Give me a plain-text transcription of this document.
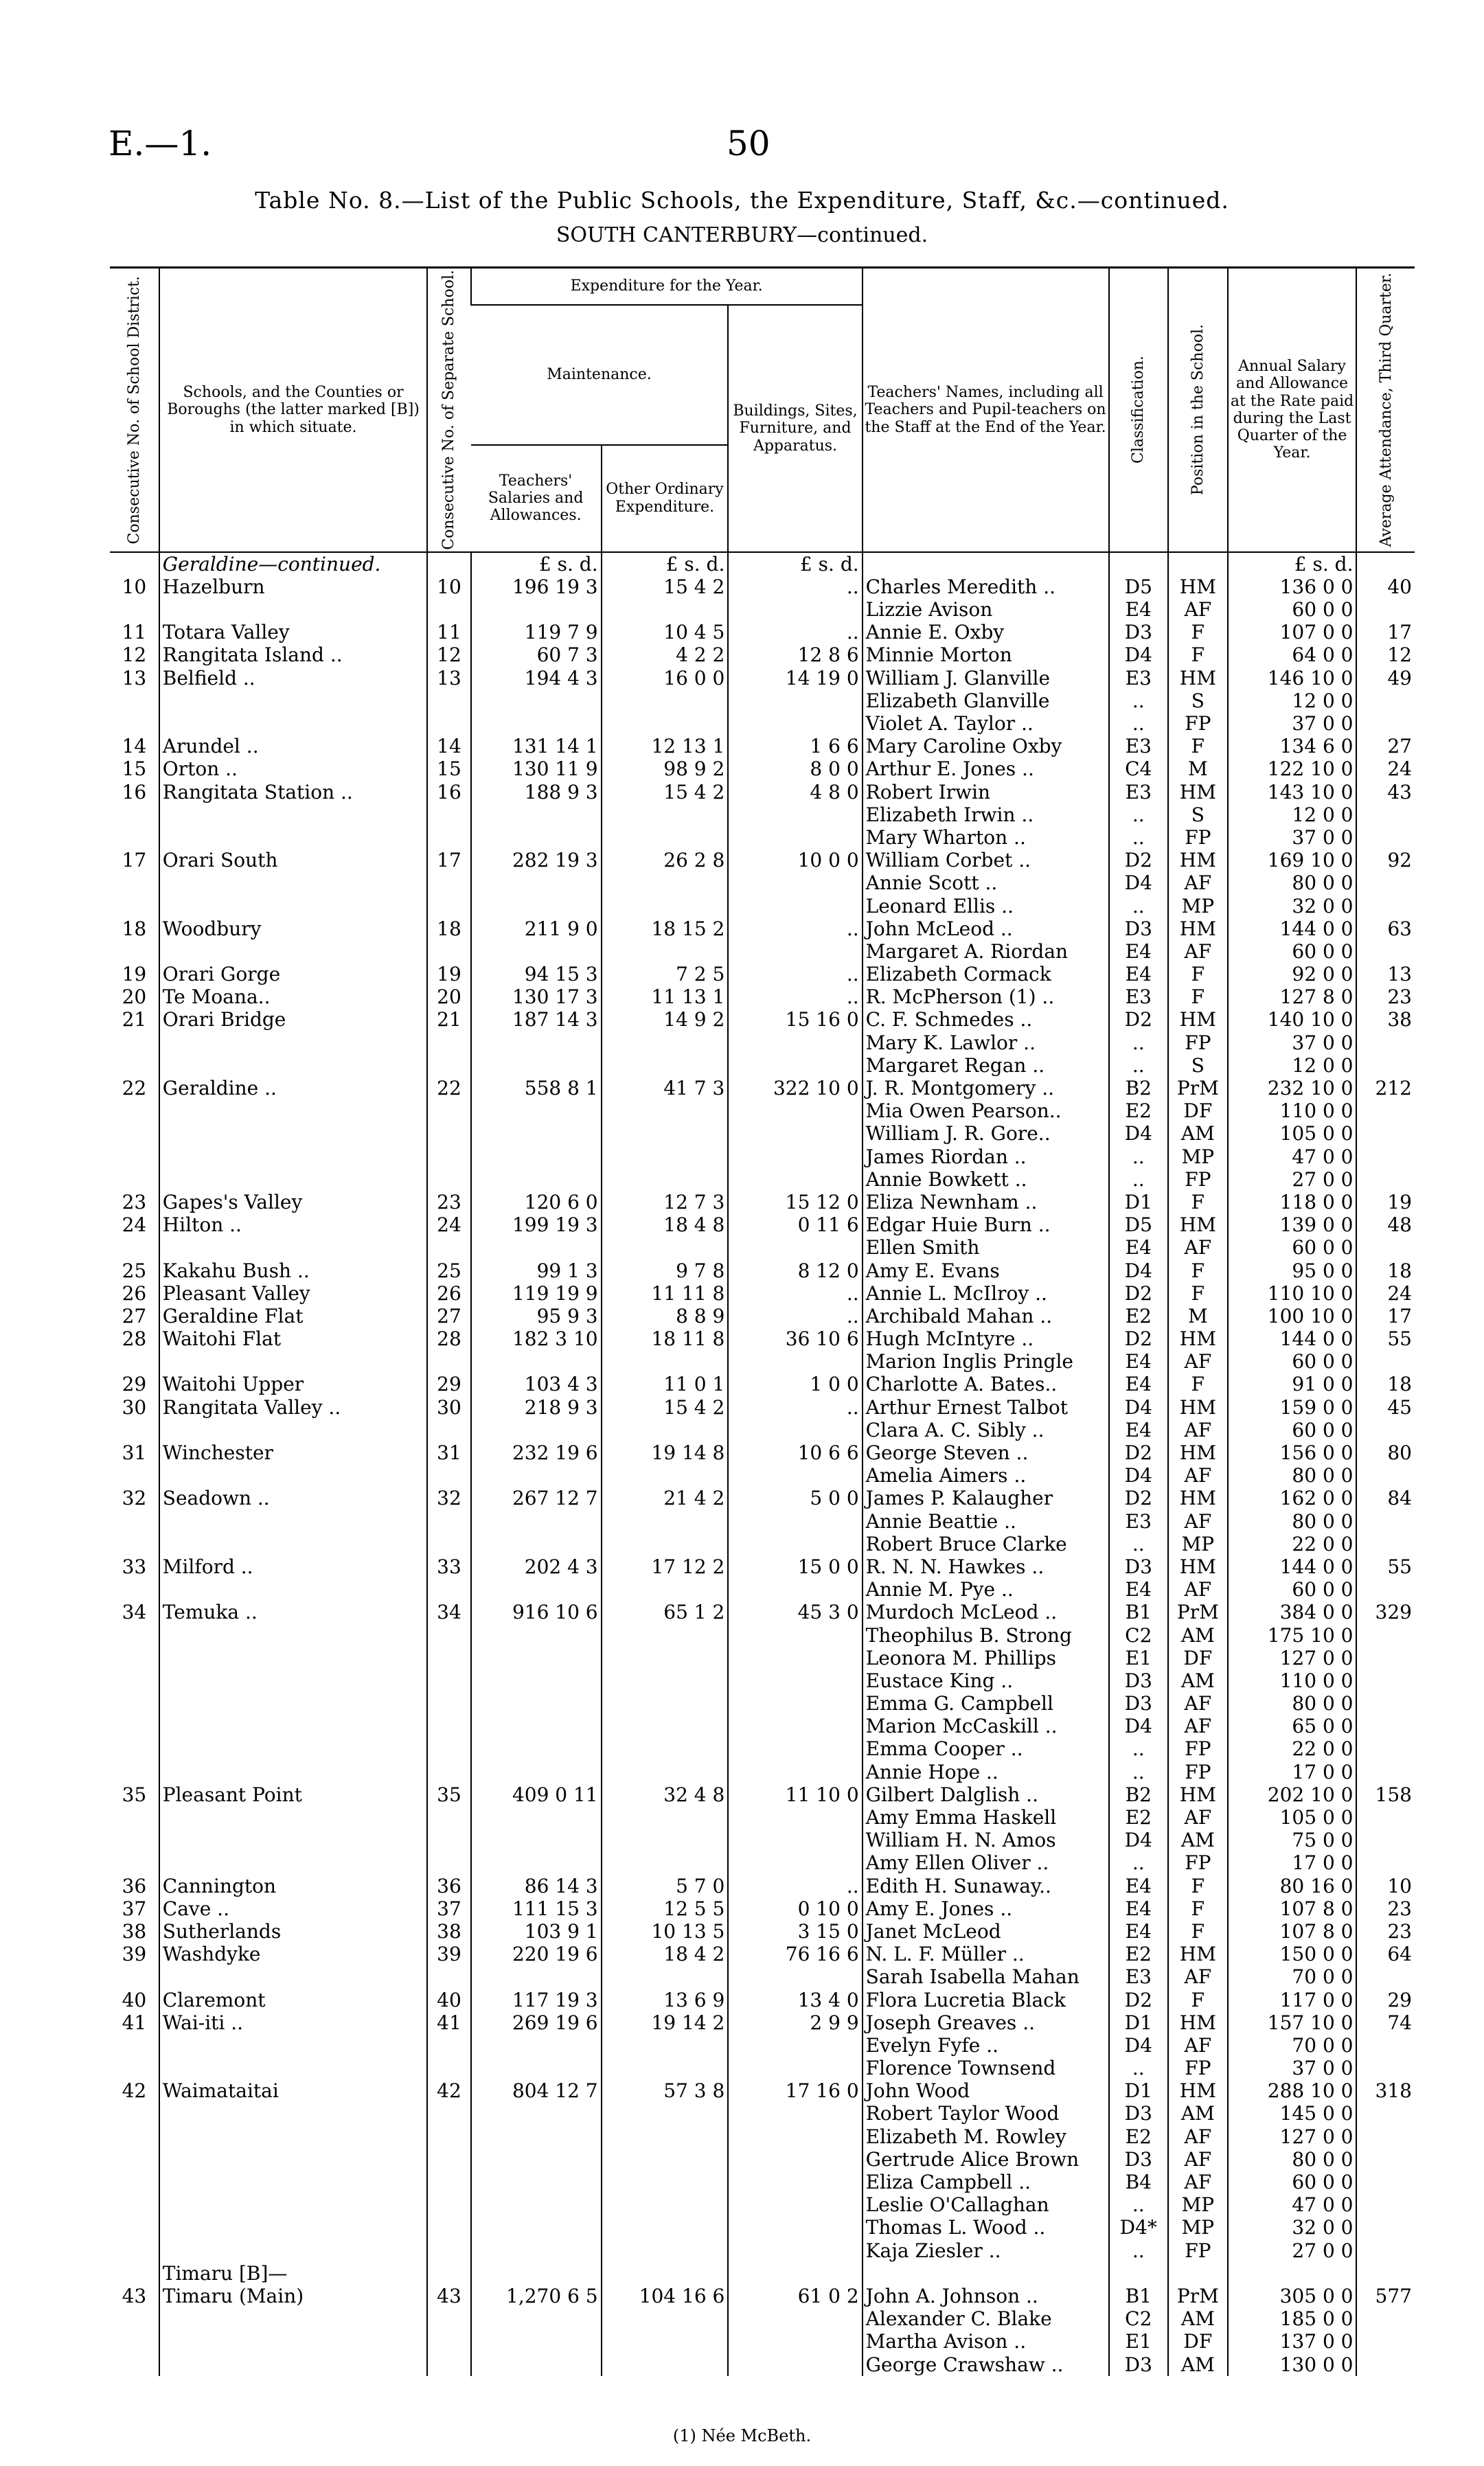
E.—1.	50
Table No. 8.—List of the Public Schools, the Expenditure, Staff, &c.—continued.
SOUTH CANTERBURY—continued.
Consecutive No. of School District.	Schools, and the Counties or Boroughs (the latter marked [B]) in which situate.	Consecutive No. of Separate School.	Expenditure for the Year.			Teachers' Names, including all Teachers and Pupil-teachers on the Staff at the End of the Year.	Classification.	Position in the School.	Annual Salary and Allowance at the Rate paid during the Last Quarter of the Year.	Average Attendance, Third Quarter.

			Maintenance.		Buildings, Sites, Furniture, and Apparatus.					
			Teachers' Salaries and Allowances.	Other Ordinary Expenditure.						
	Geraldine—continued.		£ s. d.	£ s. d.	£ s. d.				£ s. d.	
10	Hazelburn	10	196 19 3	15 4 2	..	Charles Meredith ..	D5	HM	136 0 0	40
						Lizzie Avison	E4	AF	60 0 0	
11	Totara Valley	11	119 7 9	10 4 5	..	Annie E. Oxby	D3	F	107 0 0	17
12	Rangitata Island ..	12	60 7 3	4 2 2	12 8 6	Minnie Morton	D4	F	64 0 0	12
13	Belfield ..	13	194 4 3	16 0 0	14 19 0	William J. Glanville	E3	HM	146 10 0	49
						Elizabeth Glanville	..	S	12 0 0	
						Violet A. Taylor ..	..	FP	37 0 0	
14	Arundel ..	14	131 14 1	12 13 1	1 6 6	Mary Caroline Oxby	E3	F	134 6 0	27
15	Orton ..	15	130 11 9	98 9 2	8 0 0	Arthur E. Jones ..	C4	M	122 10 0	24
16	Rangitata Station ..	16	188 9 3	15 4 2	4 8 0	Robert Irwin	E3	HM	143 10 0	43
						Elizabeth Irwin ..	..	S	12 0 0	
						Mary Wharton ..	..	FP	37 0 0	
17	Orari South	17	282 19 3	26 2 8	10 0 0	William Corbet ..	D2	HM	169 10 0	92
						Annie Scott ..	D4	AF	80 0 0	
						Leonard Ellis ..	..	MP	32 0 0	
18	Woodbury	18	211 9 0	18 15 2	..	John McLeod ..	D3	HM	144 0 0	63
						Margaret A. Riordan	E4	AF	60 0 0	
19	Orari Gorge	19	94 15 3	7 2 5	..	Elizabeth Cormack	E4	F	92 0 0	13
20	Te Moana..	20	130 17 3	11 13 1	..	R. McPherson (1) ..	E3	F	127 8 0	23
21	Orari Bridge	21	187 14 3	14 9 2	15 16 0	C. F. Schmedes ..	D2	HM	140 10 0	38
						Mary K. Lawlor ..	..	FP	37 0 0	
						Margaret Regan ..	..	S	12 0 0	
22	Geraldine ..	22	558 8 1	41 7 3	322 10 0	J. R. Montgomery ..	B2	PrM	232 10 0	212
						Mia Owen Pearson..	E2	DF	110 0 0	
						William J. R. Gore..	D4	AM	105 0 0	
						James Riordan ..	..	MP	47 0 0	
						Annie Bowkett ..	..	FP	27 0 0	
23	Gapes's Valley	23	120 6 0	12 7 3	15 12 0	Eliza Newnham ..	D1	F	118 0 0	19
24	Hilton ..	24	199 19 3	18 4 8	0 11 6	Edgar Huie Burn ..	D5	HM	139 0 0	48
						Ellen Smith	E4	AF	60 0 0	
25	Kakahu Bush ..	25	99 1 3	9 7 8	8 12 0	Amy E. Evans	D4	F	95 0 0	18
26	Pleasant Valley	26	119 19 9	11 11 8	..	Annie L. McIlroy ..	D2	F	110 10 0	24
27	Geraldine Flat	27	95 9 3	8 8 9	..	Archibald Mahan ..	E2	M	100 10 0	17
28	Waitohi Flat	28	182 3 10	18 11 8	36 10 6	Hugh McIntyre ..	D2	HM	144 0 0	55
						Marion Inglis Pringle	E4	AF	60 0 0	
29	Waitohi Upper	29	103 4 3	11 0 1	1 0 0	Charlotte A. Bates..	E4	F	91 0 0	18
30	Rangitata Valley ..	30	218 9 3	15 4 2	..	Arthur Ernest Talbot	D4	HM	159 0 0	45
						Clara A. C. Sibly ..	E4	AF	60 0 0	
31	Winchester	31	232 19 6	19 14 8	10 6 6	George Steven ..	D2	HM	156 0 0	80
						Amelia Aimers ..	D4	AF	80 0 0	
32	Seadown ..	32	267 12 7	21 4 2	5 0 0	James P. Kalaugher	D2	HM	162 0 0	84
						Annie Beattie ..	E3	AF	80 0 0	
						Robert Bruce Clarke	..	MP	22 0 0	
33	Milford ..	33	202 4 3	17 12 2	15 0 0	R. N. N. Hawkes ..	D3	HM	144 0 0	55
						Annie M. Pye ..	E4	AF	60 0 0	
34	Temuka ..	34	916 10 6	65 1 2	45 3 0	Murdoch McLeod ..	B1	PrM	384 0 0	329
						Theophilus B. Strong	C2	AM	175 10 0	
						Leonora M. Phillips	E1	DF	127 0 0	
						Eustace King ..	D3	AM	110 0 0	
						Emma G. Campbell	D3	AF	80 0 0	
						Marion McCaskill ..	D4	AF	65 0 0	
						Emma Cooper ..	..	FP	22 0 0	
						Annie Hope ..	..	FP	17 0 0	
35	Pleasant Point	35	409 0 11	32 4 8	11 10 0	Gilbert Dalglish ..	B2	HM	202 10 0	158
						Amy Emma Haskell	E2	AF	105 0 0	
						William H. N. Amos	D4	AM	75 0 0	
						Amy Ellen Oliver ..	..	FP	17 0 0	
36	Cannington	36	86 14 3	5 7 0	..	Edith H. Sunaway..	E4	F	80 16 0	10
37	Cave ..	37	111 15 3	12 5 5	0 10 0	Amy E. Jones ..	E4	F	107 8 0	23
38	Sutherlands	38	103 9 1	10 13 5	3 15 0	Janet McLeod	E4	F	107 8 0	23
39	Washdyke	39	220 19 6	18 4 2	76 16 6	N. L. F. Müller ..	E2	HM	150 0 0	64
						Sarah Isabella Mahan	E3	AF	70 0 0	
40	Claremont	40	117 19 3	13 6 9	13 4 0	Flora Lucretia Black	D2	F	117 0 0	29
41	Wai-iti ..	41	269 19 6	19 14 2	2 9 9	Joseph Greaves ..	D1	HM	157 10 0	74
						Evelyn Fyfe ..	D4	AF	70 0 0	
						Florence Townsend	..	FP	37 0 0	
42	Waimataitai	42	804 12 7	57 3 8	17 16 0	John Wood	D1	HM	288 10 0	318
						Robert Taylor Wood	D3	AM	145 0 0	
						Elizabeth M. Rowley	E2	AF	127 0 0	
						Gertrude Alice Brown	D3	AF	80 0 0	
						Eliza Campbell ..	B4	AF	60 0 0	
						Leslie O'Callaghan	..	MP	47 0 0	
						Thomas L. Wood ..	D4*	MP	32 0 0	
						Kaja Ziesler ..	..	FP	27 0 0	
	Timaru [B]—									
43	Timaru (Main)	43	1,270 6 5	104 16 6	61 0 2	John A. Johnson ..	B1	PrM	305 0 0	577
						Alexander C. Blake	C2	AM	185 0 0	
						Martha Avison ..	E1	DF	137 0 0	
						George Crawshaw ..	D3	AM	130 0 0	
(1) Née McBeth.
